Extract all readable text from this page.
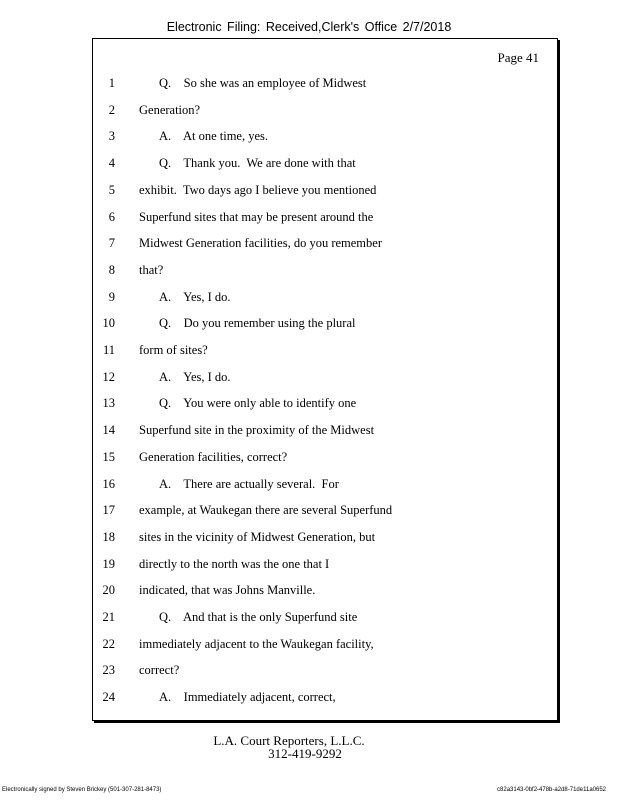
Electronic Filing: Received,Clerk's Office 2/7/2018
Page 41
1	Q.    So she was an employee of Midwest
2 Generation?
3	A.    At one time, yes.
4	Q.    Thank you.  We are done with that
5 exhibit.  Two days ago I believe you mentioned
6 Superfund sites that may be present around the
7 Midwest Generation facilities, do you remember
8 that?
9	A.    Yes, I do.
10	Q.    Do you remember using the plural
11 form of sites?
12	A.    Yes, I do.
13	Q.    You were only able to identify one
14 Superfund site in the proximity of the Midwest
15 Generation facilities, correct?
16	A.    There are actually several.  For
17 example, at Waukegan there are several Superfund
18 sites in the vicinity of Midwest Generation, but
19 directly to the north was the one that I
20 indicated, that was Johns Manville.
21	Q.    And that is the only Superfund site
22 immediately adjacent to the Waukegan facility,
23 correct?
24	A.    Immediately adjacent, correct,
L.A. Court Reporters, L.L.C.
312-419-9292
Electronically signed by Steven Brickey (501-307-281-8473)	c82a3143-0bf2-478b-a2d8-71de11a0652
